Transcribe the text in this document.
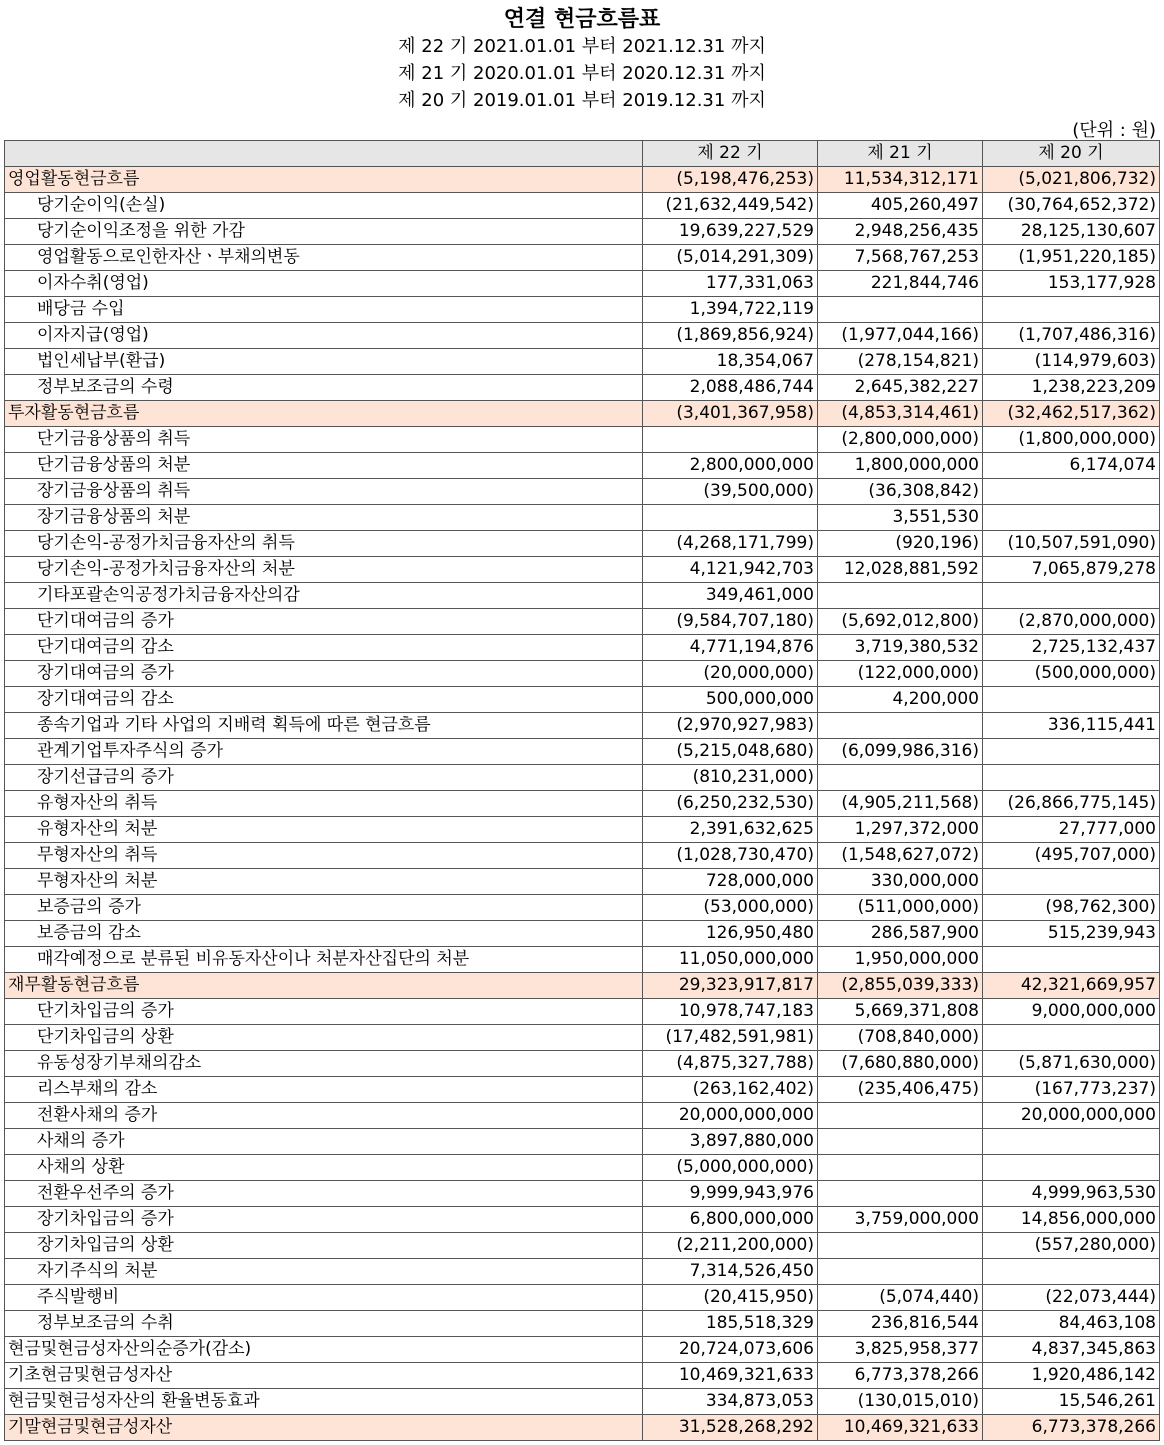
연결 현금흐름표
제 22 기 2021.01.01 부터 2021.12.31 까지
제 21 기 2020.01.01 부터 2020.12.31 까지
제 20 기 2019.01.01 부터 2019.12.31 까지
(단위 : 원)
	제 22 기	제 21 기	제 20 기
영업활동현금흐름	(5,198,476,253)	11,534,312,171	(5,021,806,732)
당기순이익(손실)	(21,632,449,542)	405,260,497	(30,764,652,372)
당기순이익조정을 위한 가감	19,639,227,529	2,948,256,435	28,125,130,607
영업활동으로인한자산ㆍ부채의변동	(5,014,291,309)	7,568,767,253	(1,951,220,185)
이자수취(영업)	177,331,063	221,844,746	153,177,928
배당금 수입	1,394,722,119		
이자지급(영업)	(1,869,856,924)	(1,977,044,166)	(1,707,486,316)
법인세납부(환급)	18,354,067	(278,154,821)	(114,979,603)
정부보조금의 수령	2,088,486,744	2,645,382,227	1,238,223,209
투자활동현금흐름	(3,401,367,958)	(4,853,314,461)	(32,462,517,362)
단기금융상품의 취득		(2,800,000,000)	(1,800,000,000)
단기금융상품의 처분	2,800,000,000	1,800,000,000	6,174,074
장기금융상품의 취득	(39,500,000)	(36,308,842)	
장기금융상품의 처분		3,551,530	
당기손익-공정가치금융자산의 취득	(4,268,171,799)	(920,196)	(10,507,591,090)
당기손익-공정가치금융자산의 처분	4,121,942,703	12,028,881,592	7,065,879,278
기타포괄손익공정가치금융자산의감	349,461,000		
단기대여금의 증가	(9,584,707,180)	(5,692,012,800)	(2,870,000,000)
단기대여금의 감소	4,771,194,876	3,719,380,532	2,725,132,437
장기대여금의 증가	(20,000,000)	(122,000,000)	(500,000,000)
장기대여금의 감소	500,000,000	4,200,000	
종속기업과 기타 사업의 지배력 획득에 따른 현금흐름	(2,970,927,983)		336,115,441
관계기업투자주식의 증가	(5,215,048,680)	(6,099,986,316)	
장기선급금의 증가	(810,231,000)		
유형자산의 취득	(6,250,232,530)	(4,905,211,568)	(26,866,775,145)
유형자산의 처분	2,391,632,625	1,297,372,000	27,777,000
무형자산의 취득	(1,028,730,470)	(1,548,627,072)	(495,707,000)
무형자산의 처분	728,000,000	330,000,000	
보증금의 증가	(53,000,000)	(511,000,000)	(98,762,300)
보증금의 감소	126,950,480	286,587,900	515,239,943
매각예정으로 분류된 비유동자산이나 처분자산집단의 처분	11,050,000,000	1,950,000,000	
재무활동현금흐름	29,323,917,817	(2,855,039,333)	42,321,669,957
단기차입금의 증가	10,978,747,183	5,669,371,808	9,000,000,000
단기차입금의 상환	(17,482,591,981)	(708,840,000)	
유동성장기부채의감소	(4,875,327,788)	(7,680,880,000)	(5,871,630,000)
리스부채의 감소	(263,162,402)	(235,406,475)	(167,773,237)
전환사채의 증가	20,000,000,000		20,000,000,000
사채의 증가	3,897,880,000		
사채의 상환	(5,000,000,000)		
전환우선주의 증가	9,999,943,976		4,999,963,530
장기차입금의 증가	6,800,000,000	3,759,000,000	14,856,000,000
장기차입금의 상환	(2,211,200,000)		(557,280,000)
자기주식의 처분	7,314,526,450		
주식발행비	(20,415,950)	(5,074,440)	(22,073,444)
정부보조금의 수취	185,518,329	236,816,544	84,463,108
현금및현금성자산의순증가(감소)	20,724,073,606	3,825,958,377	4,837,345,863
기초현금및현금성자산	10,469,321,633	6,773,378,266	1,920,486,142
현금및현금성자산의 환율변동효과	334,873,053	(130,015,010)	15,546,261
기말현금및현금성자산	31,528,268,292	10,469,321,633	6,773,378,266
